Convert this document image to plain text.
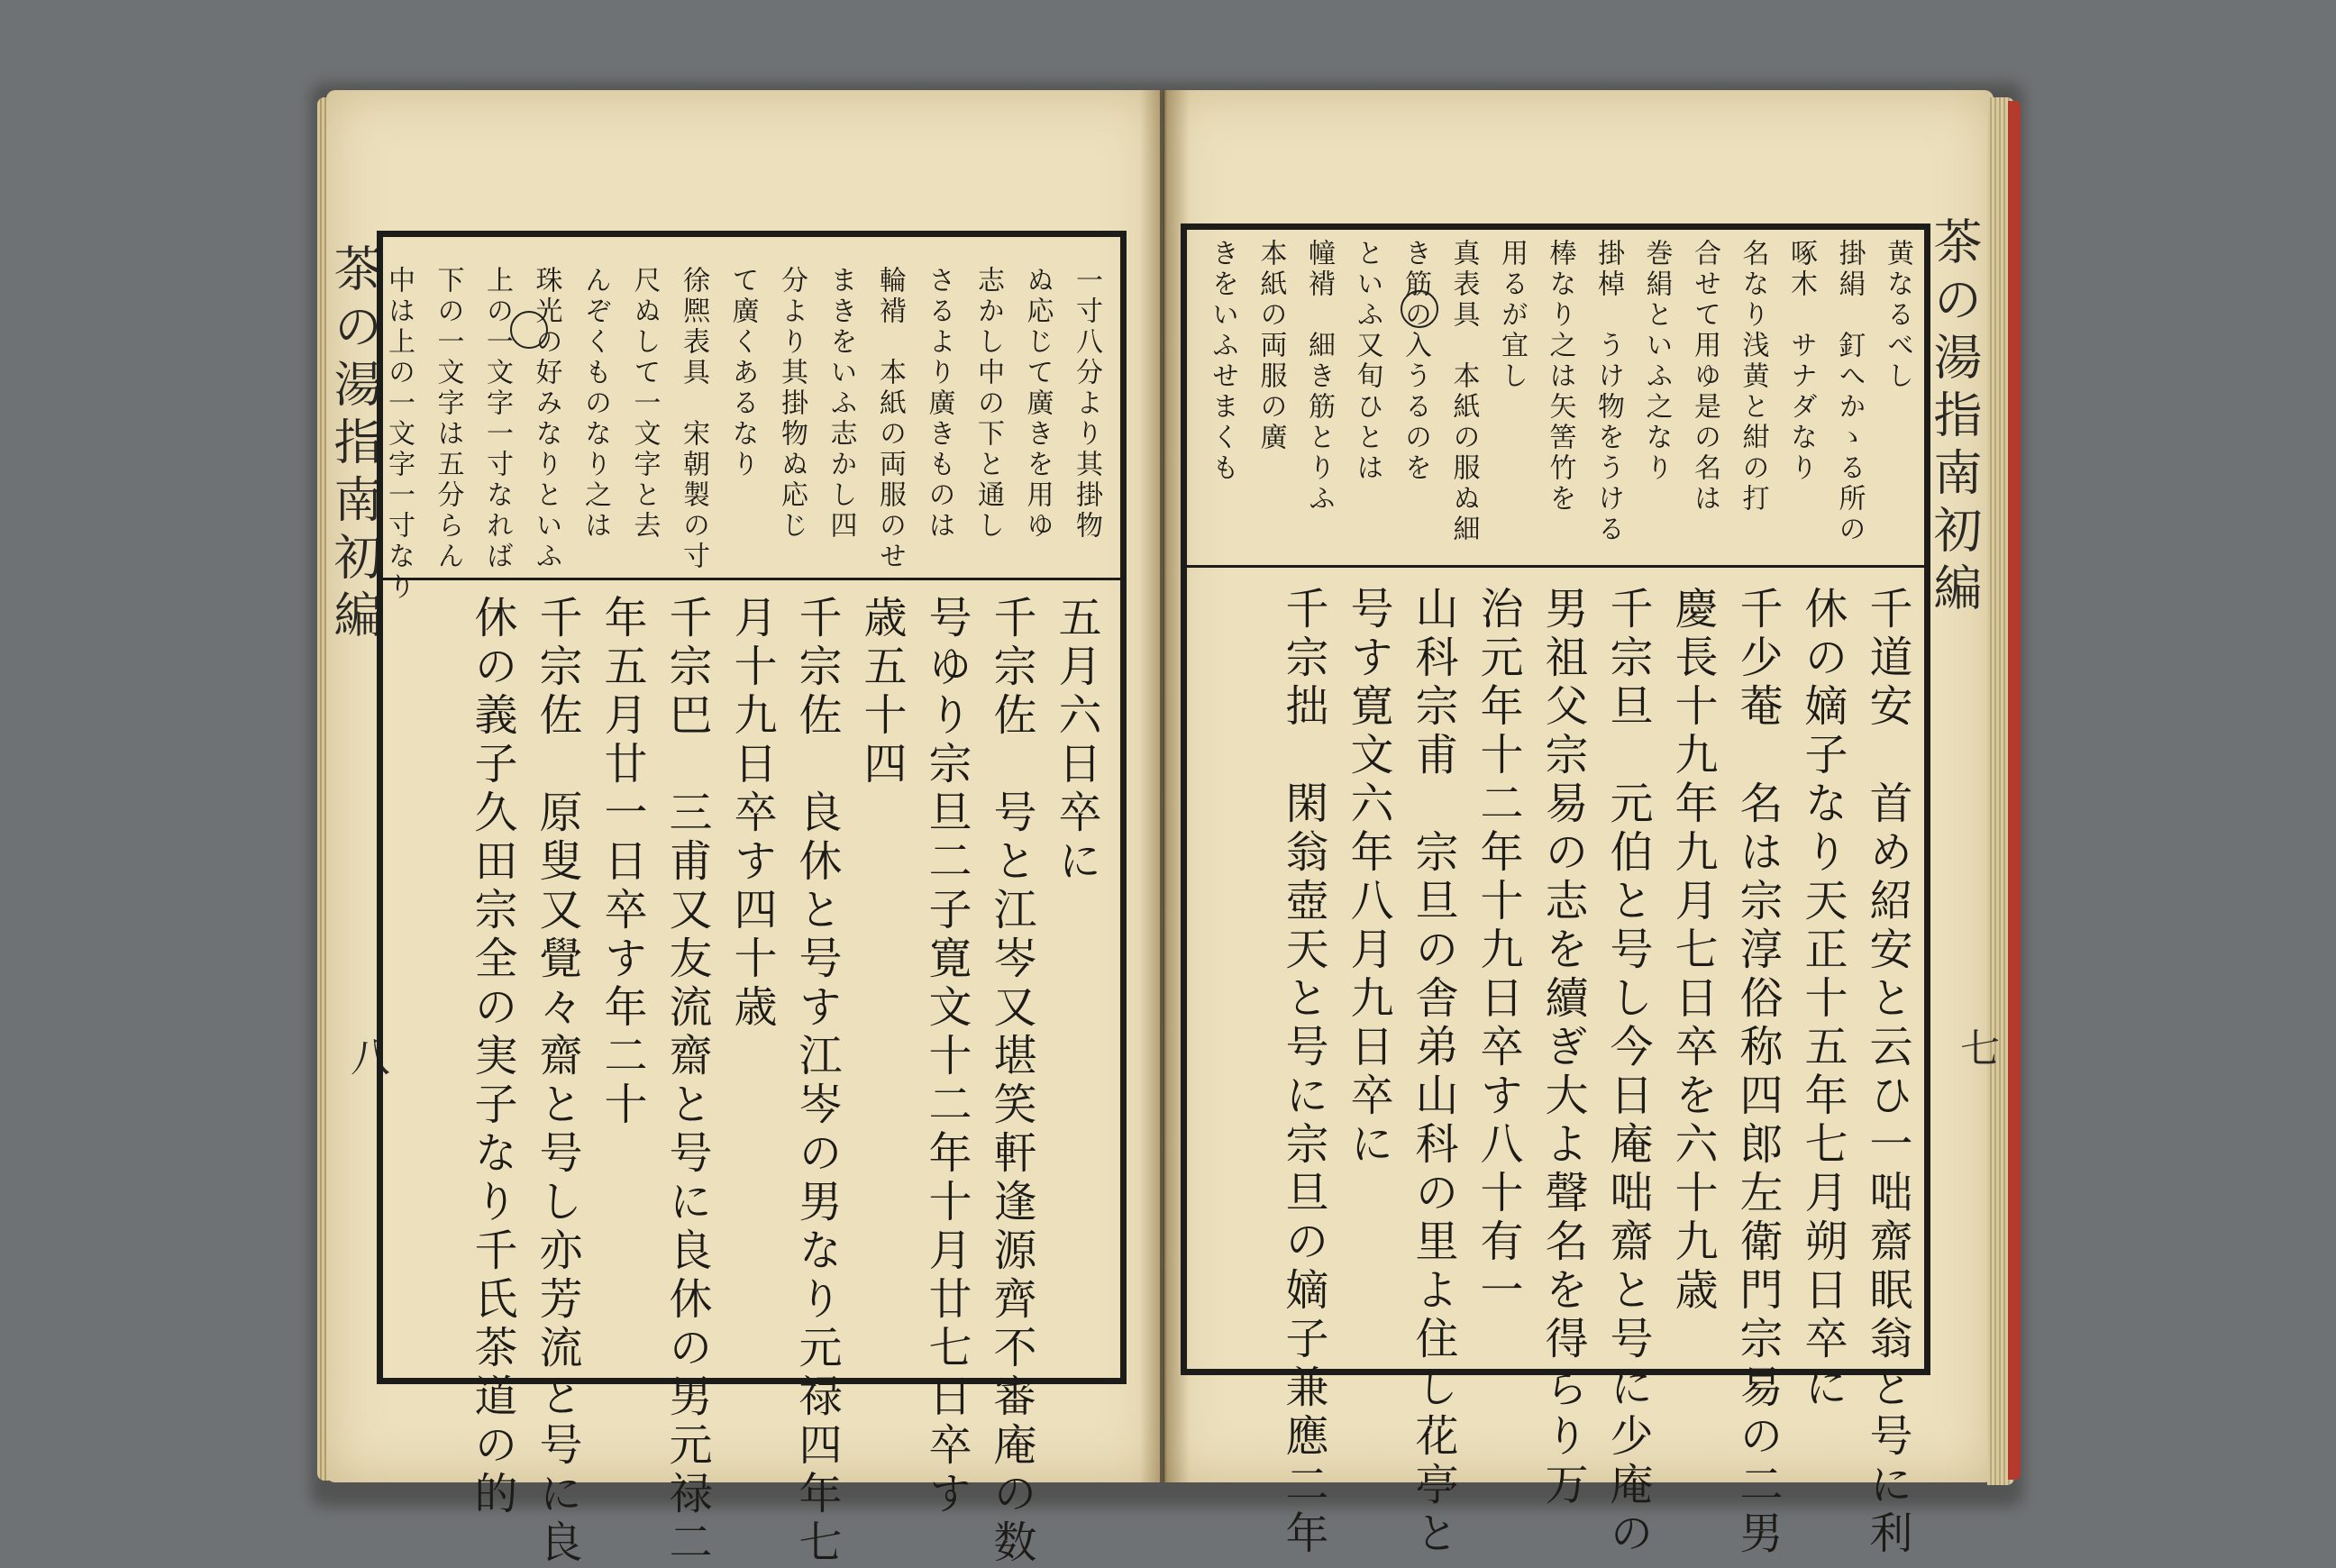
茶の湯指南初編
八
一寸八分より其掛物
ぬ応じて廣きを用ゆ
志かし中の下と通し
さるより廣きものは
輪褙　本紙の両服のせ
まきをいふ志かし四
分より其掛物ぬ応じ
て廣くあるなり
徐熈表具　宋朝製の寸
尺ぬして一文字と去
んぞくものなり之は
珠光の好みなりといふ
上の一文字一寸なれば
下の一文字は五分らん
中は上の一文字一寸なり
五月六日卒に
千宗佐　号と江岑又堪笑軒逢源齊不審庵の数
号ゆり宗旦二子寛文十二年十月廿七日卒す
歳五十四
千宗佐　良休と号す江岑の男なり元禄四年七
月十九日卒す四十歳
千宗巴　三甫又友流齋と号に良休の男元禄二
年五月廿一日卒す年二十
千宗佐　原叟又覺々齋と号し亦芳流と号に良
休の義子久田宗全の実子なり千氏茶道の的
茶の湯指南初編
七
黄なるべし
掛絹　釘へかゝる所の
啄木　サナダなり
名なり浅黄と紺の打
合せて用ゆ是の名は
巻絹といふ之なり
掛棹　うけ物をうける
棒なり之は矢筈竹を
用るが宜し
真表具　本紙の服ぬ細
き筋の入うるのを
といふ又旬ひとは
幢褙　細き筋とりふ
本紙の両服の廣
きをいふせまくも
千道安　首め紹安と云ひ一咄齋眠翁と号に利
休の嫡子なり天正十五年七月朔日卒に
千少菴　名は宗淳俗称四郎左衛門宗易の二男
慶長十九年九月七日卒を六十九歳
千宗旦　元伯と号し今日庵咄齋と号に少庵の
男祖父宗易の志を續ぎ大よ聲名を得らり万
治元年十二年十九日卒す八十有一
山科宗甫　宗旦の舎弟山科の里よ住し花亭と
号す寛文六年八月九日卒に
千宗拙　閑翁壺天と号に宗旦の嫡子兼應二年
